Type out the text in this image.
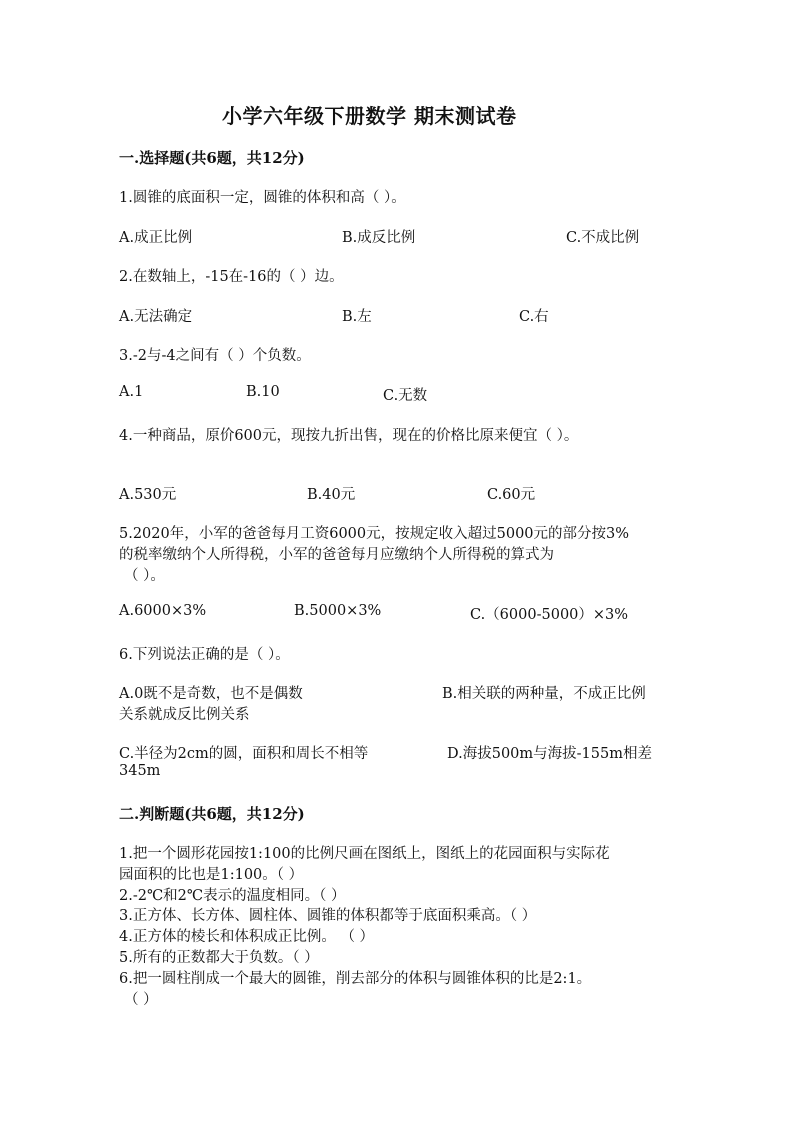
小学六年级下册数学 期末测试卷
一.选择题(共6题，共12分)
1.圆锥的底面积一定，圆锥的体积和高（ ）。
A.成正比例	B.成反比例	C.不成比例
2.在数轴上，-15在-16的（ ）边。
A.无法确定	B.左	C.右
3.-2与-4之间有（ ）个负数。
A.1	B.10	C.无数
4.一种商品，原价600元，现按九折出售，现在的价格比原来便宜（ ）。
A.530元	B.40元	C.60元
5.2020年，小军的爸爸每月工资6000元，按规定收入超过5000元的部分按3%
的税率缴纳个人所得税，小军的爸爸每月应缴纳个人所得税的算式为
（ ）。
A.6000×3%	B.5000×3%	C.（6000-5000）×3%
6.下列说法正确的是（ ）。
A.0既不是奇数，也不是偶数	B.相关联的两种量，不成正比例
关系就成反比例关系
C.半径为2cm的圆，面积和周长不相等	D.海拔500m与海拔-155m相差
345m
二.判断题(共6题，共12分)
1.把一个圆形花园按1:100的比例尺画在图纸上，图纸上的花园面积与实际花
园面积的比也是1:100。（ ）
2.-2℃和2℃表示的温度相同。（ ）
3.正方体、长方体、圆柱体、圆锥的体积都等于底面积乘高。（ ）
4.正方体的棱长和体积成正比例。 （ ）
5.所有的正数都大于负数。（ ）
6.把一圆柱削成一个最大的圆锥，削去部分的体积与圆锥体积的比是2:1。
（ ）
